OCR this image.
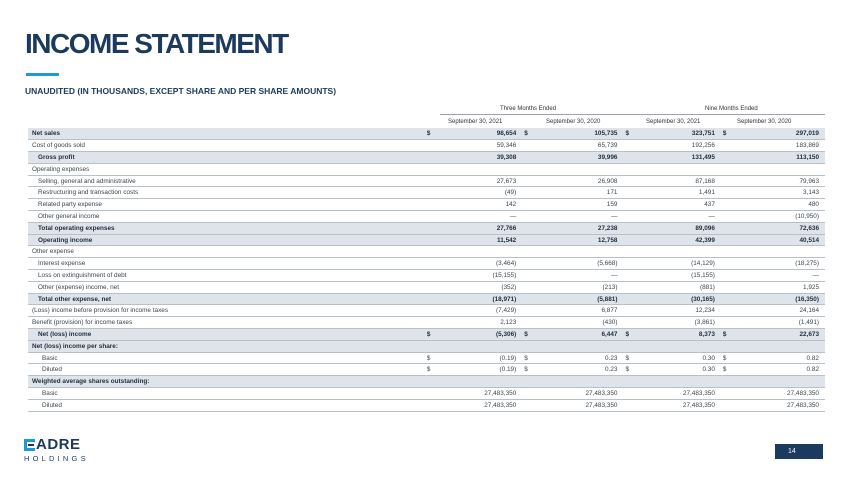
INCOME STATEMENT
UNAUDITED (IN THOUSANDS, EXCEPT SHARE AND PER SHARE AMOUNTS)
Three Months Ended	Nine Months Ended
September 30, 2021	September 30, 2020	September 30, 2021	September 30, 2020
Net sales	$	98,654	$	105,735	$	323,751	$	297,019
Cost of goods sold		59,346		65,739		192,256		183,869
Gross profit		39,308		39,996		131,495		113,150
Operating expenses								
Selling, general and administrative		27,673		26,908		87,168		79,963
Restructuring and transaction costs		(49)		171		1,491		3,143
Related party expense		142		159		437		480
Other general income		—		—		—		(10,950)
Total operating expenses		27,766		27,238		89,096		72,636
Operating income		11,542		12,758		42,399		40,514
Other expense								
Interest expense		(3,464)		(5,668)		(14,129)		(18,275)
Loss on extinguishment of debt		(15,155)		—		(15,155)		—
Other (expense) income, net		(352)		(213)		(881)		1,925
Total other expense, net		(18,971)		(5,881)		(30,165)		(16,350)
(Loss) income before provision for income taxes		(7,429)		6,877		12,234		24,164
Benefit (provision) for income taxes		2,123		(430)		(3,861)		(1,491)
Net (loss) income	$	(5,306)	$	6,447	$	8,373	$	22,673
Net (loss) income per share:								
Basic	$	(0.19)	$	0.23	$	0.30	$	0.82
Diluted	$	(0.19)	$	0.23	$	0.30	$	0.82
Weighted average shares outstanding:								
Basic		27,483,350		27,483,350		27,483,350		27,483,350
Diluted		27,483,350		27,483,350		27,483,350		27,483,350
ADRE
HOLDINGS
14
